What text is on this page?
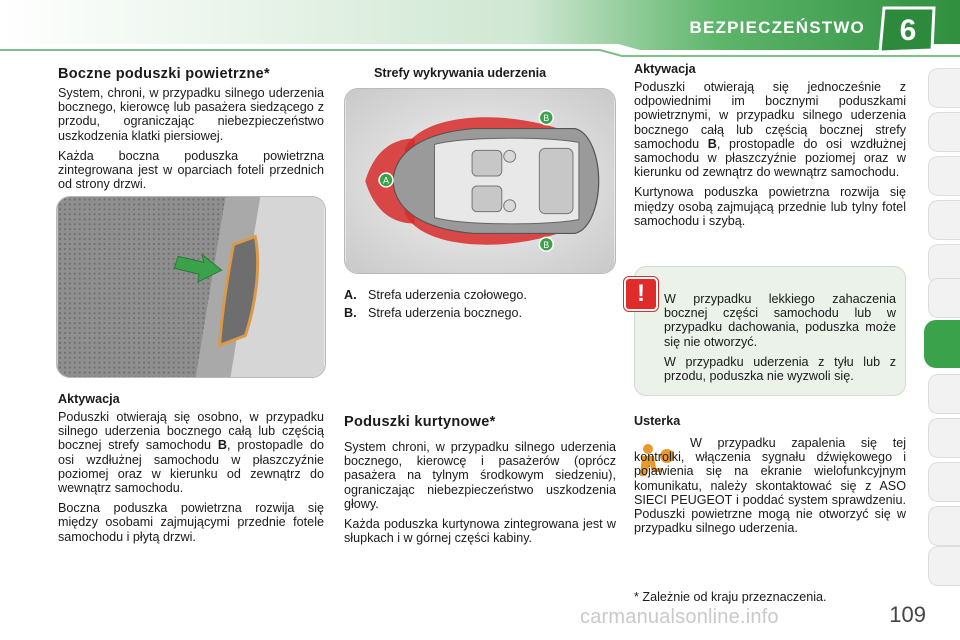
BEZPIECZEŃSTWO	6
Boczne poduszki powietrzne*

System, chroni, w przypadku silnego uderzenia bocznego, kierowcę lub pasażera siedzącego z przodu, ograniczając niebezpieczeństwo uszkodzenia klatki piersiowej.

Każda boczna poduszka powietrzna zintegrowana jest w oparciach foteli przednich od strony drzwi.

Aktywacja

Poduszki otwierają się osobno, w przypadku silnego uderzenia bocznego całą lub częścią bocznej strefy samochodu B, prostopadle do osi wzdłużnej samochodu w płaszczyźnie poziomej oraz w kierunku od zewnątrz do wewnątrz samochodu.

Boczna poduszka powietrzna rozwija się między osobami zajmującymi przednie fotele samochodu i płytą drzwi.

Strefy wykrywania uderzenia
A
B
B
A. Strefa uderzenia czołowego.
B. Strefa uderzenia bocznego.
Poduszki kurtynowe*

System chroni, w przypadku silnego uderzenia bocznego, kierowcę i pasażerów (oprócz pasażera na tylnym środkowym siedzeniu), ograniczając niebezpieczeństwo uszkodzenia głowy.

Każda poduszka kurtynowa zintegrowana jest w słupkach i w górnej części kabiny.

Aktywacja

Poduszki otwierają się jednocześnie z odpowiednimi im bocznymi poduszkami powietrznymi, w przypadku silnego uderzenia bocznego całą lub częścią bocznej strefy samochodu B, prostopadle do osi wzdłużnej samochodu w płaszczyźnie poziomej oraz w kierunku od zewnątrz do wewnątrz samochodu.

Kurtynowa poduszka powietrzna rozwija się między osobą zajmującą przednie lub tylny fotel samochodu i szybą.

!	W przypadku lekkiego zahaczenia bocznej części samochodu lub w przypadku dachowania, poduszka może się nie otworzyć.

W przypadku uderzenia z tyłu lub z przodu, poduszka nie wyzwoli się.

Usterka

W przypadku zapalenia się tej kontrolki, włączenia sygnału dźwiękowego i pojawienia się na ekranie wielofunkcyjnym komunikatu, należy skontaktować się z ASO SIECI PEUGEOT i poddać system sprawdzeniu. Poduszki powietrzne mogą nie otworzyć się w przypadku silnego uderzenia.

* Zależnie od kraju przeznaczenia.
carmanualsonline.info	109
